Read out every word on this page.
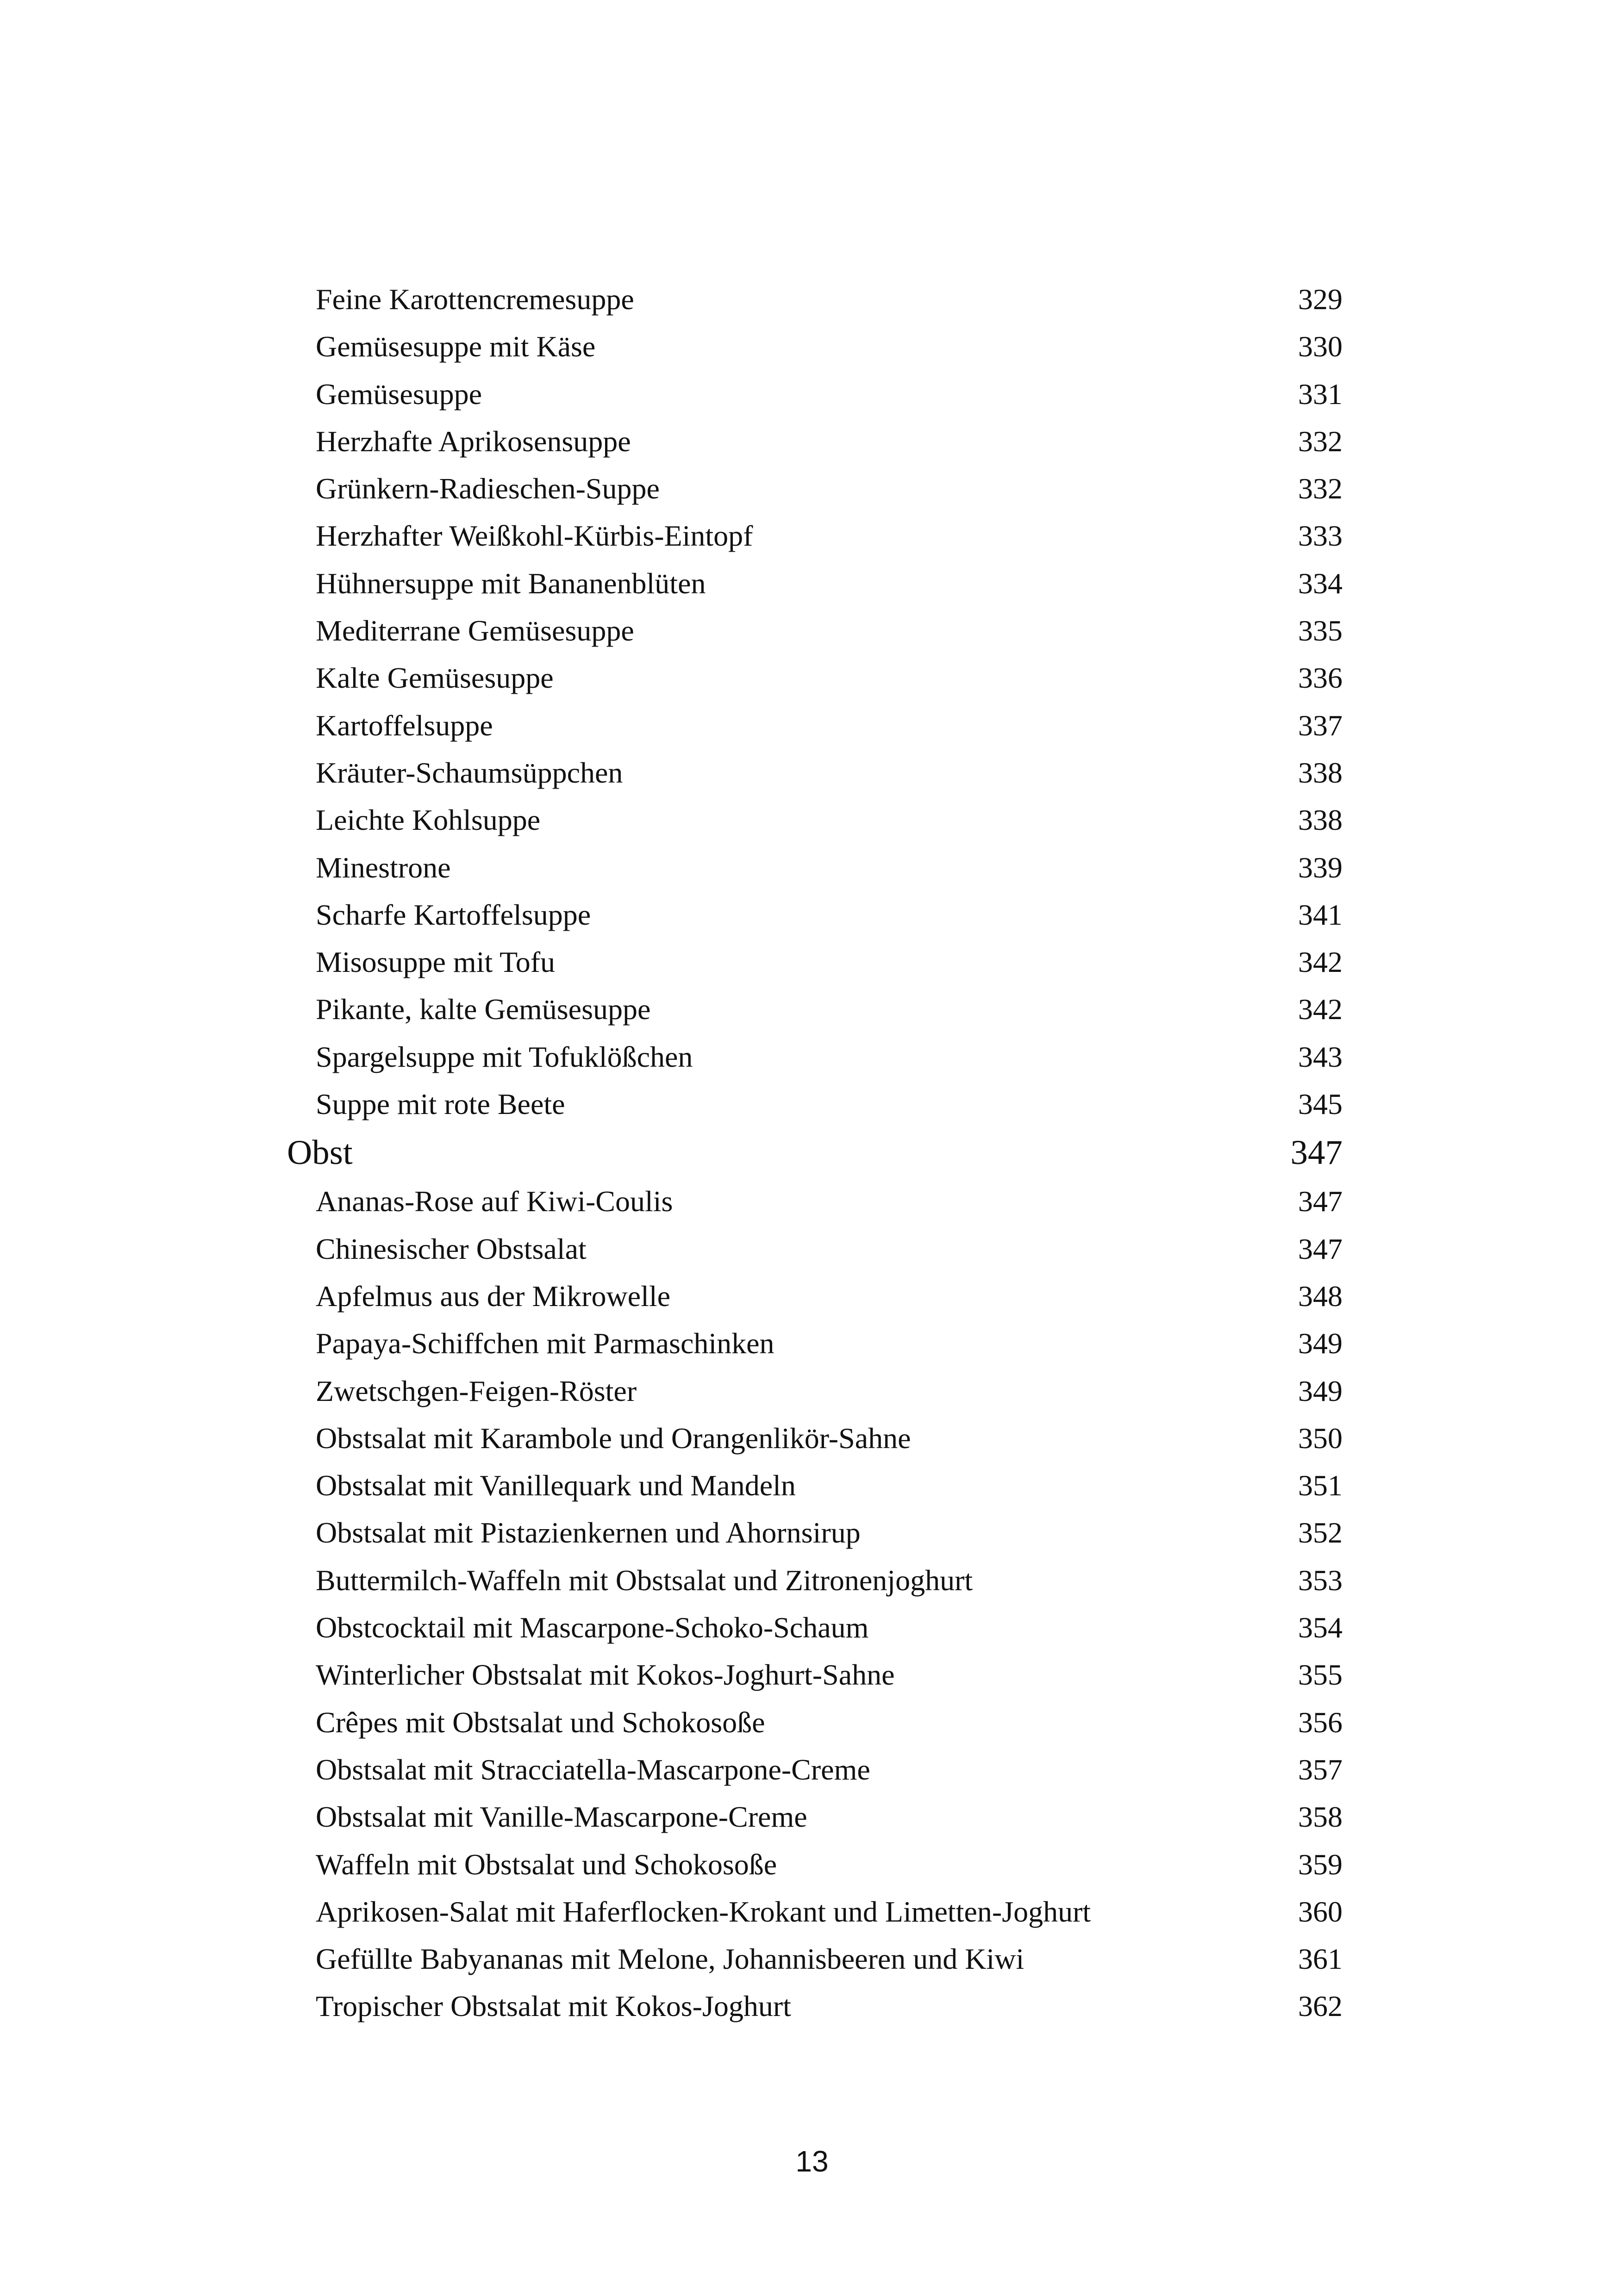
Feine Karottencremesuppe	329
Gemüsesuppe mit Käse	330
Gemüsesuppe	331
Herzhafte Aprikosensuppe	332
Grünkern-Radieschen-Suppe	332
Herzhafter Weißkohl-Kürbis-Eintopf	333
Hühnersuppe mit Bananenblüten	334
Mediterrane Gemüsesuppe	335
Kalte Gemüsesuppe	336
Kartoffelsuppe	337
Kräuter-Schaumsüppchen	338
Leichte Kohlsuppe	338
Minestrone	339
Scharfe Kartoffelsuppe	341
Misosuppe mit Tofu	342
Pikante, kalte Gemüsesuppe	342
Spargelsuppe mit Tofuklößchen	343
Suppe mit rote Beete	345
Obst	347
Ananas-Rose auf Kiwi-Coulis	347
Chinesischer Obstsalat	347
Apfelmus aus der Mikrowelle	348
Papaya-Schiffchen mit Parmaschinken	349
Zwetschgen-Feigen-Röster	349
Obstsalat mit Karambole und Orangenlikör-Sahne	350
Obstsalat mit Vanillequark und Mandeln	351
Obstsalat mit Pistazienkernen und Ahornsirup	352
Buttermilch-Waffeln mit Obstsalat und Zitronenjoghurt	353
Obstcocktail mit Mascarpone-Schoko-Schaum	354
Winterlicher Obstsalat mit Kokos-Joghurt-Sahne	355
Crêpes mit Obstsalat und Schokosoße	356
Obstsalat mit Stracciatella-Mascarpone-Creme	357
Obstsalat mit Vanille-Mascarpone-Creme	358
Waffeln mit Obstsalat und Schokosoße	359
Aprikosen-Salat mit Haferflocken-Krokant und Limetten-Joghurt	360
Gefüllte Babyananas mit Melone, Johannisbeeren und Kiwi	361
Tropischer Obstsalat mit Kokos-Joghurt	362
13
